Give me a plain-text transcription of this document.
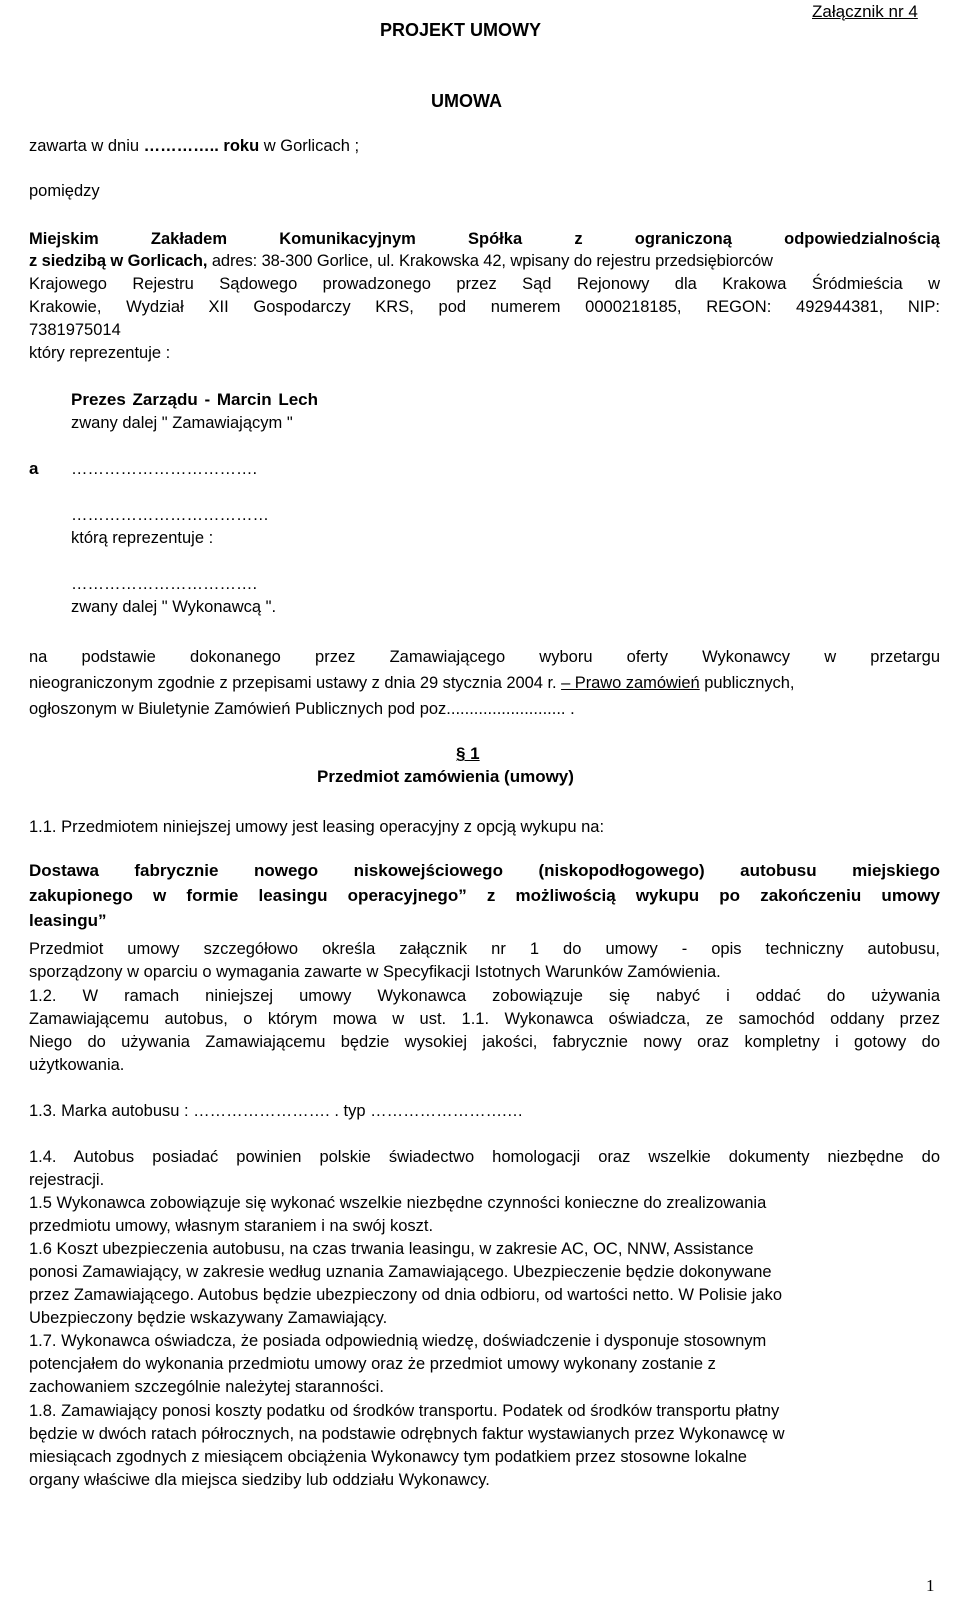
Załącznik nr 4
PROJEKT UMOWY
UMOWA
zawarta w dniu ………….. roku w Gorlicach ;
pomiędzy
Miejskim Zakładem Komunikacyjnym Spółka z ograniczoną odpowiedzialnością
z siedzibą w Gorlicach, adres: 38-300 Gorlice, ul. Krakowska 42, wpisany do rejestru przedsiębiorców
Krajowego Rejestru Sądowego prowadzonego przez Sąd Rejonowy dla Krakowa Śródmieścia w
Krakowie, Wydział XII Gospodarczy KRS, pod numerem 0000218185, REGON: 492944381, NIP:
7381975014
który reprezentuje :
Prezes Zarządu - Marcin Lech
zwany dalej " Zamawiającym "
a …………………………….
………………………………
którą reprezentuje :
…………………………….
zwany dalej " Wykonawcą ".
na podstawie dokonanego przez Zamawiającego wyboru oferty Wykonawcy w przetargu
nieograniczonym zgodnie z przepisami ustawy z dnia 29 stycznia 2004 r. – Prawo zamówień publicznych,
ogłoszonym w Biuletynie Zamówień Publicznych pod poz.......................... .
§ 1
Przedmiot zamówienia (umowy)
1.1. Przedmiotem niniejszej umowy jest leasing operacyjny z opcją wykupu na:
Dostawa fabrycznie nowego niskowejściowego (niskopodłogowego) autobusu miejskiego
zakupionego w formie leasingu operacyjnego” z możliwością wykupu po zakończeniu umowy
leasingu”
Przedmiot umowy szczegółowo określa załącznik nr 1 do umowy - opis techniczny autobusu,
sporządzony w oparciu o wymagania zawarte w Specyfikacji Istotnych Warunków Zamówienia.
1.2. W ramach niniejszej umowy Wykonawca zobowiązuje się nabyć i oddać do używania
Zamawiającemu autobus, o którym mowa w ust. 1.1. Wykonawca oświadcza, ze samochód oddany przez
Niego do używania Zamawiającemu będzie wysokiej jakości, fabrycznie nowy oraz kompletny i gotowy do
użytkowania.
1.3. Marka autobusu : ……………………. . typ …………………….…
1.4. Autobus posiadać powinien polskie świadectwo homologacji oraz wszelkie dokumenty niezbędne do
rejestracji.
1.5 Wykonawca zobowiązuje się wykonać wszelkie niezbędne czynności konieczne do zrealizowania
przedmiotu umowy, własnym staraniem i na swój koszt.
1.6 Koszt ubezpieczenia autobusu, na czas trwania leasingu, w zakresie AC, OC, NNW, Assistance
ponosi Zamawiający, w zakresie według uznania Zamawiającego. Ubezpieczenie będzie dokonywane
przez Zamawiającego. Autobus będzie ubezpieczony od dnia odbioru, od wartości netto. W Polisie jako
Ubezpieczony będzie wskazywany Zamawiający.
1.7. Wykonawca oświadcza, że posiada odpowiednią wiedzę, doświadczenie i dysponuje stosownym
potencjałem do wykonania przedmiotu umowy oraz że przedmiot umowy wykonany zostanie z
zachowaniem szczególnie należytej staranności.
1.8. Zamawiający ponosi koszty podatku od środków transportu. Podatek od środków transportu płatny
będzie w dwóch ratach półrocznych, na podstawie odrębnych faktur wystawianych przez Wykonawcę w
miesiącach zgodnych z miesiącem obciążenia Wykonawcy tym podatkiem przez stosowne lokalne
organy właściwe dla miejsca siedziby lub oddziału Wykonawcy.
1
